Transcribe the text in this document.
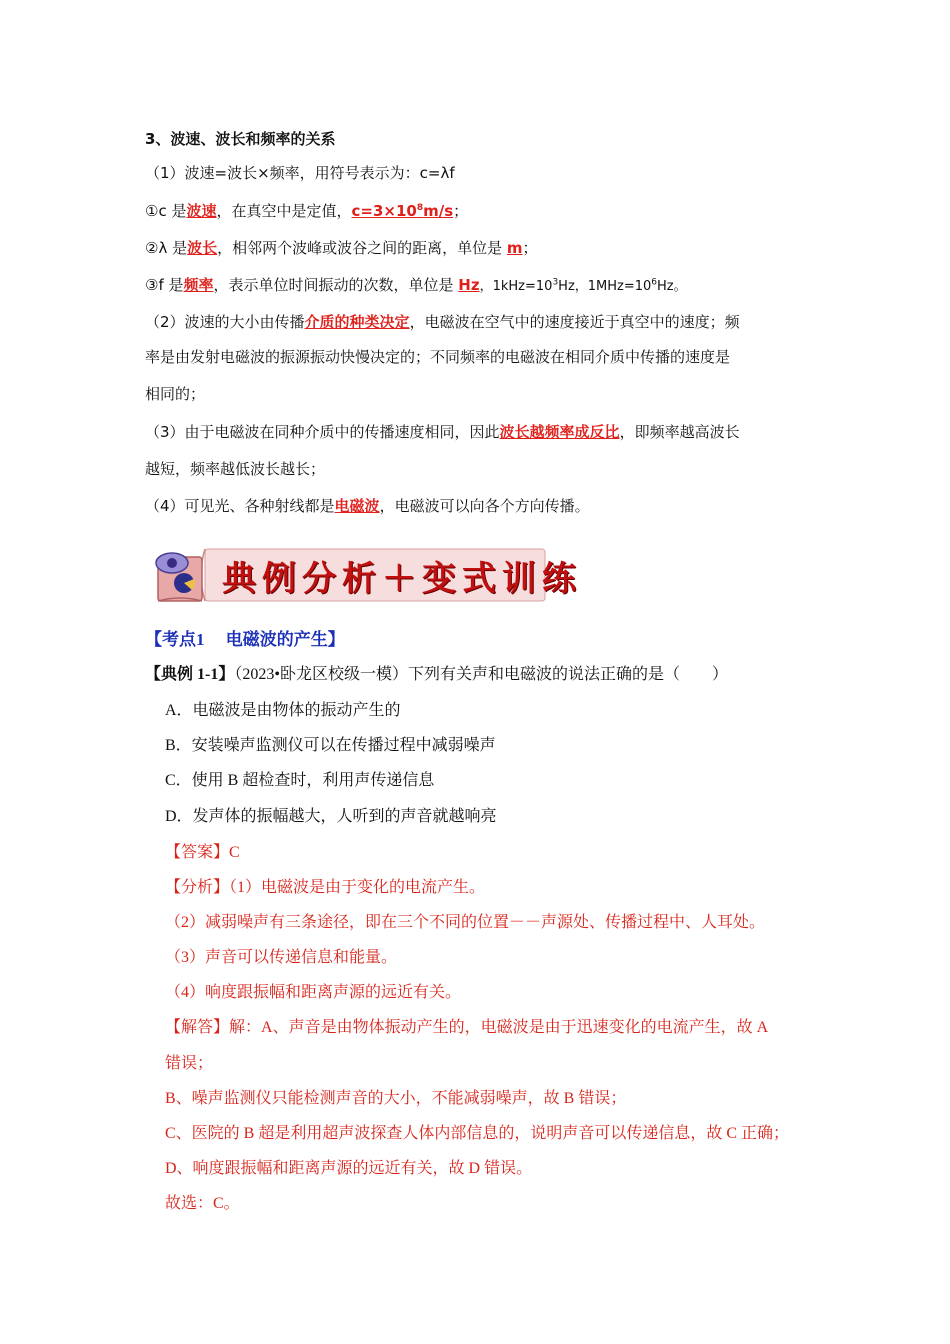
3、波速、波长和频率的关系
（1）波速=波长×频率，用符号表示为：c=λf
①c 是波速，在真空中是定值，$c=3\times 10^8m/s$；
②λ 是波长，相邻两个波峰或波谷之间的距离，单位是 m；
③f 是频率，表示单位时间振动的次数，单位是 Hz，$1kHz=10^3Hz$，$1MHz=10^6Hz$。
（2）波速的大小由传播介质的种类决定，电磁波在空气中的速度接近于真空中的速度；频
率是由发射电磁波的振源振动快慢决定的；不同频率的电磁波在相同介质中传播的速度是
相同的；
（3）由于电磁波在同种介质中的传播速度相同，因此波长越频率成反比，即频率越高波长
越短，频率越低波长越长；
（4）可见光、各种射线都是电磁波，电磁波可以向各个方向传播。
典例分析＋变式训练
【考点1　 电磁波的产生】
【典例 1-1】（2023•卧龙区校级一模）下列有关声和电磁波的说法正确的是（　　）
A．电磁波是由物体的振动产生的
B．安装噪声监测仪可以在传播过程中减弱噪声
C．使用 B 超检查时，利用声传递信息
D．发声体的振幅越大，人听到的声音就越响亮
【答案】C
【分析】（1）电磁波是由于变化的电流产生。
（2）减弱噪声有三条途径，即在三个不同的位置－－声源处、传播过程中、人耳处。
（3）声音可以传递信息和能量。
（4）响度跟振幅和距离声源的远近有关。
【解答】解：A、声音是由物体振动产生的，电磁波是由于迅速变化的电流产生，故 A
错误；
B、噪声监测仪只能检测声音的大小，不能减弱噪声，故 B 错误；
C、医院的 B 超是利用超声波探查人体内部信息的，说明声音可以传递信息，故 C 正确；
D、响度跟振幅和距离声源的远近有关，故 D 错误。
故选：C。
